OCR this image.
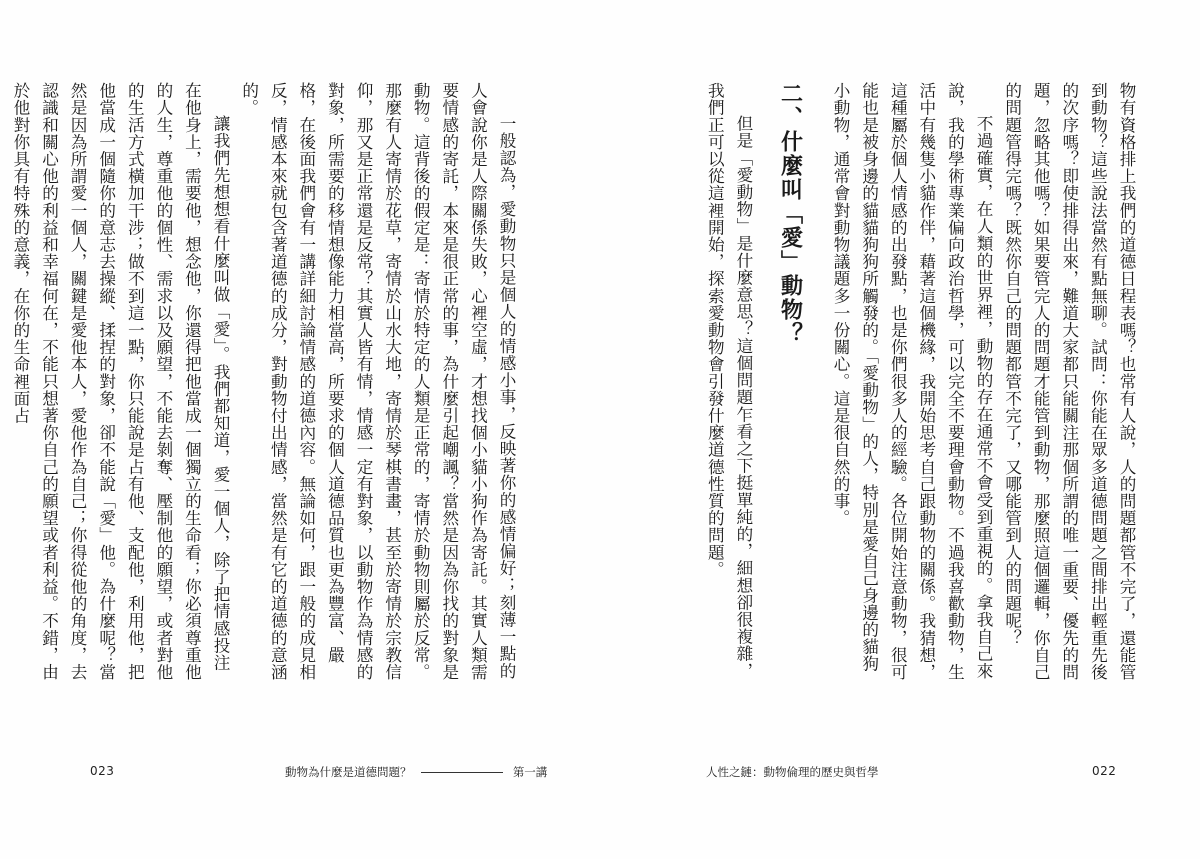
一般認為，愛動物只是個人的情感小事，反映著你的感情偏好；刻薄一點的人會說你是人際關係失敗，心裡空虛，才想找個小貓小狗作為寄託。其實人類需要情感的寄託，本來是很正常的事，為什麼引起嘲諷？當然是因為你找的對象是動物。這背後的假定是：寄情於特定的人類是正常的，寄情於動物則屬於反常。那麼有人寄情於花草，寄情於山水大地，寄情於琴棋書畫，甚至於寄情於宗教信仰，那又是正常還是反常？其實人皆有情，情感一定有對象，以動物作為情感的對象，所需要的移情想像能力相當高，所要求的個人道德品質也更為豐富、嚴格，在後面我們會有一講詳細討論情感的道德內容。無論如何，跟一般的成見相反，情感本來就包含著道德的成分，對動物付出情感，當然是有它的道德的意涵的。

讓我們先想想看什麼叫做「愛」。我們都知道，愛一個人，除了把情感投注在他身上，需要他，想念他，你還得把他當成一個獨立的生命看；你必須尊重他的人生，尊重他的個性、需求以及願望，不能去剝奪、壓制他的願望，或者對他的生活方式橫加干涉；做不到這一點，你只能說是占有他、支配他，利用他，把他當成一個隨你的意志去操縱、揉捏的對象，卻不能說「愛」他。為什麼呢？當然是因為所謂愛一個人，關鍵是愛他本人，愛他作為自己；你得從他的角度，去認識和關心他的利益和幸福何在，不能只想著你自己的願望或者利益。不錯，由於他對你具有特殊的意義，在你的生命裡面占

023	動物為什麼是道德問題？	第一講

物有資格排上我們的道德日程表嗎？也常有人說，人的問題都管不完了，還能管到動物？這些說法當然有點無聊。試問：你能在眾多道德問題之間排出輕重先後的次序嗎？即使排得出來，難道大家都只能關注那個所謂的唯一重要、優先的問題，忽略其他嗎？如果要管完人的問題才能管到動物，那麼照這個邏輯，你自己的問題管得完嗎？既然你自己的問題都管不完了，又哪能管到人的問題呢？

不過確實，在人類的世界裡，動物的存在通常不會受到重視的。拿我自己來說，我的學術專業偏向政治哲學，可以完全不要理會動物。不過我喜歡動物，生活中有幾隻小貓作伴，藉著這個機緣，我開始思考自己跟動物的關係。我猜想，這種屬於個人情感的出發點，也是你們很多人的經驗。各位開始注意動物，很可能也是被身邊的貓貓狗狗所觸發的。「愛動物」的人，特別是愛自己身邊的貓狗小動物，通常會對動物議題多一份關心。這是很自然的事。

二、什麼叫「愛」動物？

但是「愛動物」是什麼意思？這個問題乍看之下挺單純的，細想卻很複雜，我們正可以從這裡開始，探索愛動物會引發什麼道德性質的問題。

人性之鏈：動物倫理的歷史與哲學	022
